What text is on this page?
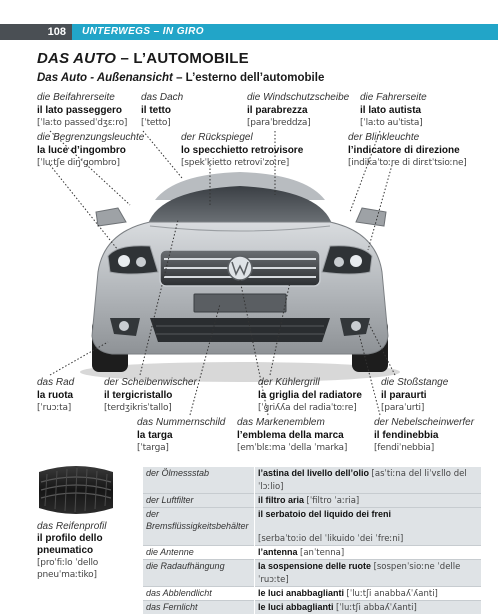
108	UNTERWEGS – IN GIRO
DAS AUTO – L’AUTOMOBILE
Das Auto - Außenansicht – L’esterno dell’automobile
die Beifahrerseite
il lato passeggero
[ˈlaːto passedˈdʒɛːro]
das Dach
il tetto
[ˈtetto]
die Windschutzscheibe
il parabrezza
[paraˈbreddza]
die Fahrerseite
il lato autista
[ˈlaːto auˈtista]
die Begrenzungsleuchte
la luce d’ingombro
[ˈluːtʃe diŋˈgombro]
der Rückspiegel
lo specchietto retrovisore
[spekˈkietto retroviˈzoːre]
der Blinkleuchte
l’indicatore di direzione
[indikaˈtoːre di dirεtˈtsioːne]
das Rad
la ruota
[ˈruɔːta]
der Scheibenwischer
il tergicristallo
[terdʒikrisˈtallo]
der Kühlergrill
la griglia del radiatore
[ˈgriʎʎa del radiaˈtoːre]
die Stoßstange
il paraurti
[paraˈurti]
das Nummernschild
la targa
[ˈtarga]
das Markenemblem
l’emblema della marca
[emˈblɛːma ˈdella ˈmarka]
der Nebelscheinwerfer
il fendinebbia
[fendiˈnebbia]
das Reifenprofil
il profilo dello
pneumatico
[proˈfiːlo ˈdello
pneuˈmaːtiko]
der Ölmessstab	l’astina del livello dell’olio [asˈtiːna del liˈvɛllo delˈlɔːlio]
der Luftfilter	il filtro aria [ˈfiltro ˈaːria]
der Bremsflüssigkeitsbehälter	il serbatoio del liquido dei freni
	[serbaˈtoːio del ˈlikuido ˈdei ˈfreːni]
die Antenne	l’antenna [anˈtenna]
die Radaufhängung	la sospensione delle ruote [sospenˈsioːne ˈdelle ˈruɔːte]
das Abblendlicht	le luci anabbaglianti [ˈluːtʃi anabbaʎˈʎanti]
das Fernlicht	le luci abbaglianti [ˈluːtʃi abbaʎˈʎanti]
